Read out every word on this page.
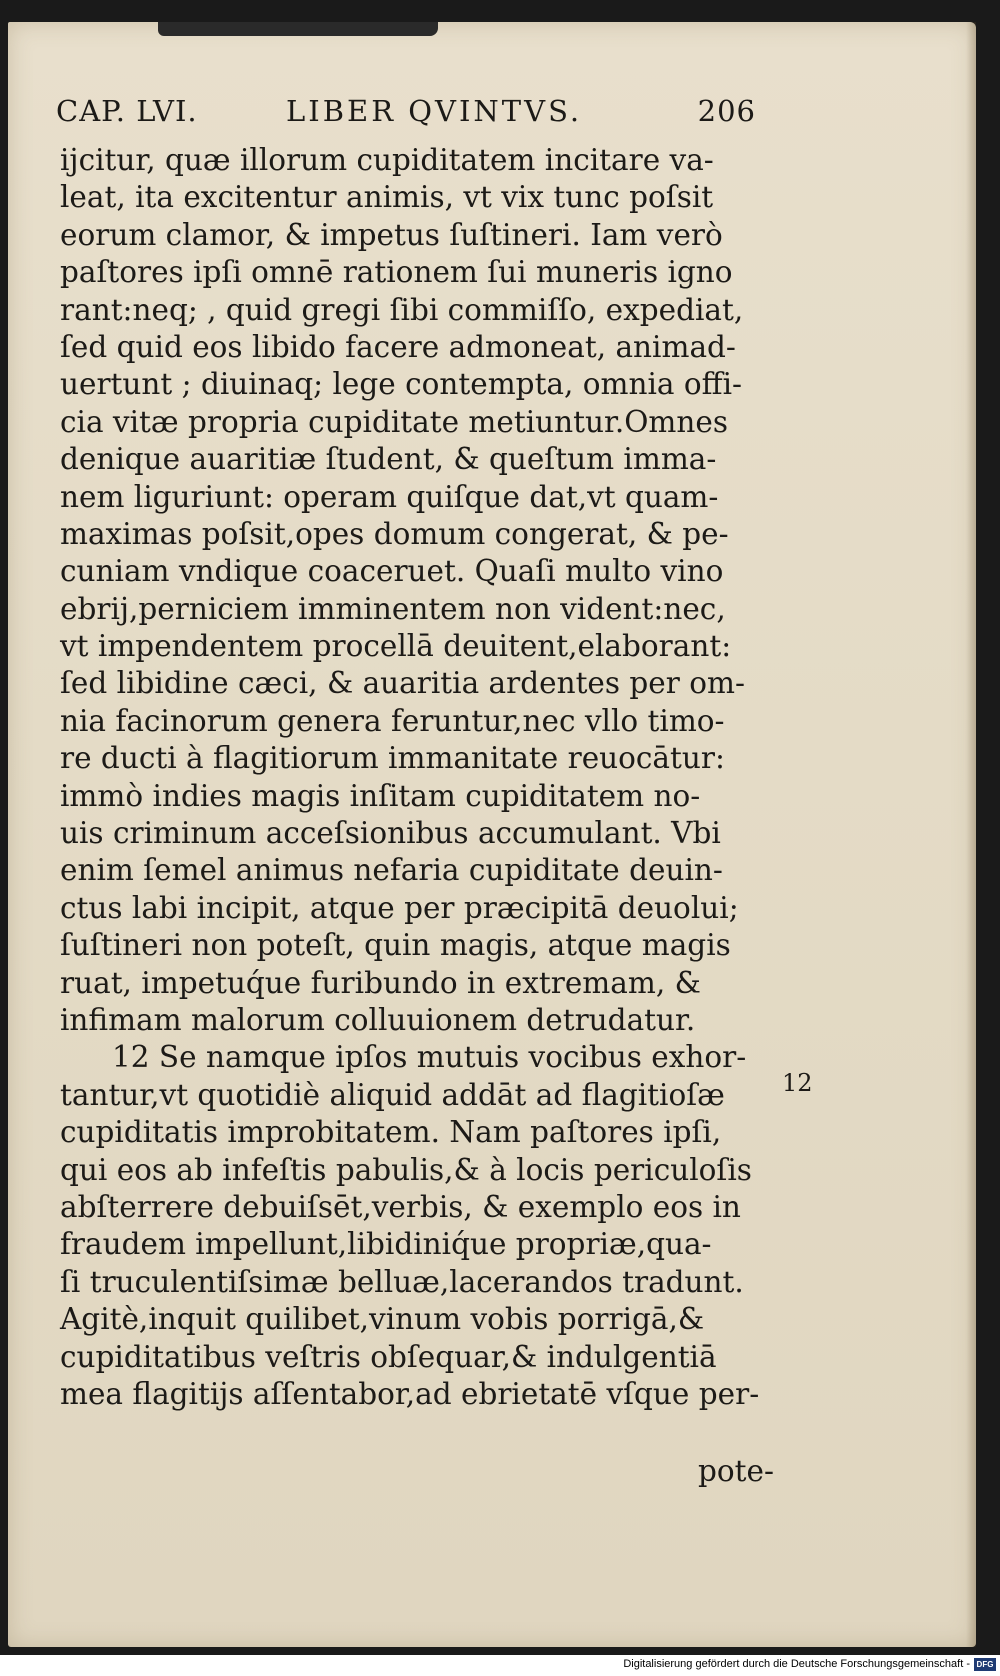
CAP. LVI.	LIBER QVINTVS.	206
ijcitur, quæ illorum cupiditatem incitare va-
leat, ita excitentur animis, vt vix tunc poſsit
eorum clamor, & impetus ſuſtineri. Iam verò
paſtores ipſi omnē rationem ſui muneris igno
rant:neq; , quid gregi ſibi commiſſo, expediat,
ſed quid eos libido facere admoneat, animad-
uertunt ; diuinaq; lege contempta, omnia offi-
cia vitæ propria cupiditate metiuntur.Omnes
denique auaritiæ ſtudent, & queſtum imma-
nem liguriunt: operam quiſque dat,vt quam-
maximas poſsit,opes domum congerat, & pe-
cuniam vndique coaceruet. Quaſi multo vino
ebrij,perniciem imminentem non vident:nec,
vt impendentem procellā deuitent,elaborant:
ſed libidine cæci, & auaritia ardentes per om-
nia facinorum genera feruntur,nec vllo timo-
re ducti à flagitiorum immanitate reuocātur:
immò indies magis inſitam cupiditatem no-
uis criminum acceſsionibus accumulant. Vbi
enim ſemel animus nefaria cupiditate deuin-
ctus labi incipit, atque per præcipitā deuolui;
ſuſtineri non poteſt, quin magis, atque magis
ruat, impetuq́ue furibundo in extremam, &
infimam malorum colluuionem detrudatur.
12 Se namque ipſos mutuis vocibus exhor-
tantur,vt quotidiè aliquid addāt ad flagitioſæ
cupiditatis improbitatem. Nam paſtores ipſi,
qui eos ab infeſtis pabulis,& à locis periculoſis
abſterrere debuiſsēt,verbis, & exemplo eos in
fraudem impellunt,libidiniq́ue propriæ,qua-
ſi truculentiſsimæ belluæ,lacerandos tradunt.
Agitè,inquit quilibet,vinum vobis porrigā,&
cupiditatibus veſtris obſequar,& indulgentiā
mea flagitijs aſſentabor,ad ebrietatē vſque per-
12
pote-
Digitalisierung gefördert durch die Deutsche Forschungsgemeinschaft - DFG
